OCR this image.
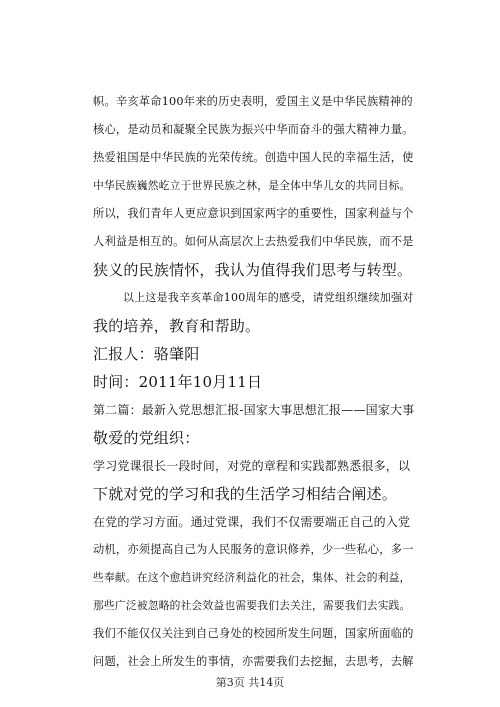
帜。辛亥革命100年来的历史表明，爱国主义是中华民族精神的
核心，是动员和凝聚全民族为振兴中华而奋斗的强大精神力量。
热爱祖国是中华民族的光荣传统。创造中国人民的幸福生活，使
中华民族巍然屹立于世界民族之林，是全体中华儿女的共同目标。
所以，我们青年人更应意识到国家两字的重要性，国家利益与个
人利益是相互的。如何从高层次上去热爱我们中华民族，而不是
狭义的民族情怀，我认为值得我们思考与转型。
以上这是我辛亥革命100周年的感受，请党组织继续加强对
我的培养，教育和帮助。
汇报人：骆肇阳
时间：2011年10月11日
第二篇：最新入党思想汇报-国家大事思想汇报——国家大事
敬爱的党组织：
学习党课很长一段时间，对党的章程和实践都熟悉很多，以
下就对党的学习和我的生活学习相结合阐述。
在党的学习方面。通过党课，我们不仅需要端正自己的入党
动机，亦须提高自己为人民服务的意识修养，少一些私心，多一
些奉献。在这个愈趋讲究经济利益化的社会，集体、社会的利益，
那些广泛被忽略的社会效益也需要我们去关注，需要我们去实践。
我们不能仅仅关注到自己身处的校园所发生问题，国家所面临的
问题，社会上所发生的事情，亦需要我们去挖掘，去思考，去解
第3页 共14页
